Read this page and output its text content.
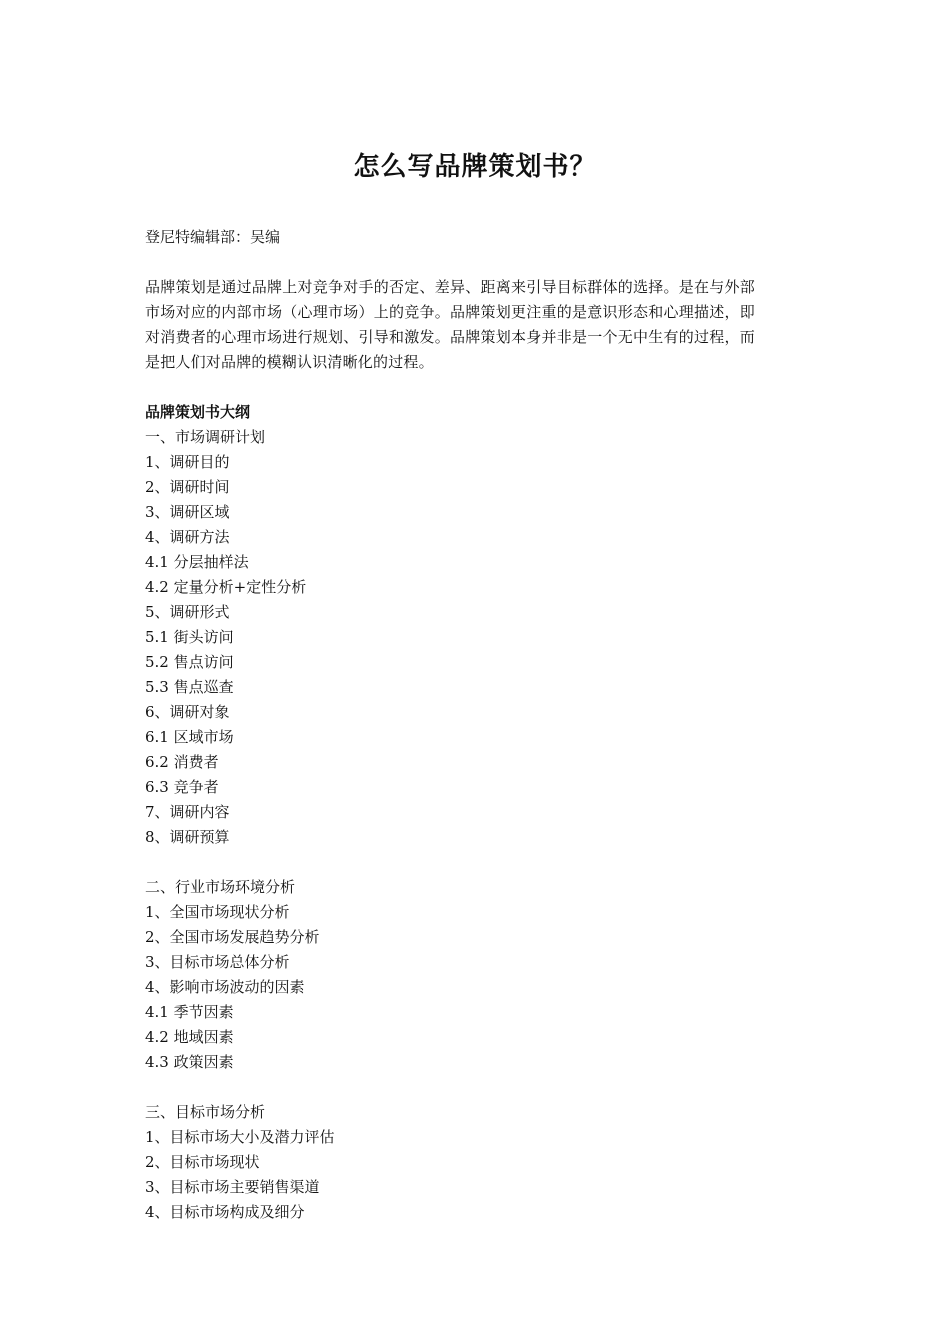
怎么写品牌策划书？

登尼特编辑部：吴编

品牌策划是通过品牌上对竞争对手的否定、差异、距离来引导目标群体的选择。是在与外部市场对应的内部市场（心理市场）上的竞争。品牌策划更注重的是意识形态和心理描述，即对消费者的心理市场进行规划、引导和激发。品牌策划本身并非是一个无中生有的过程，而是把人们对品牌的模糊认识清晰化的过程。

品牌策划书大纲

一、市场调研计划

1、调研目的

2、调研时间

3、调研区域

4、调研方法

4.1 分层抽样法

4.2 定量分析+定性分析

5、调研形式

5.1 街头访问

5.2 售点访问

5.3 售点巡查

6、调研对象

6.1 区域市场

6.2 消费者

6.3 竞争者

7、调研内容

8、调研预算

二、行业市场环境分析

1、全国市场现状分析

2、全国市场发展趋势分析

3、目标市场总体分析

4、影响市场波动的因素

4.1 季节因素

4.2 地域因素

4.3 政策因素

三、目标市场分析

1、目标市场大小及潜力评估

2、目标市场现状

3、目标市场主要销售渠道

4、目标市场构成及细分
